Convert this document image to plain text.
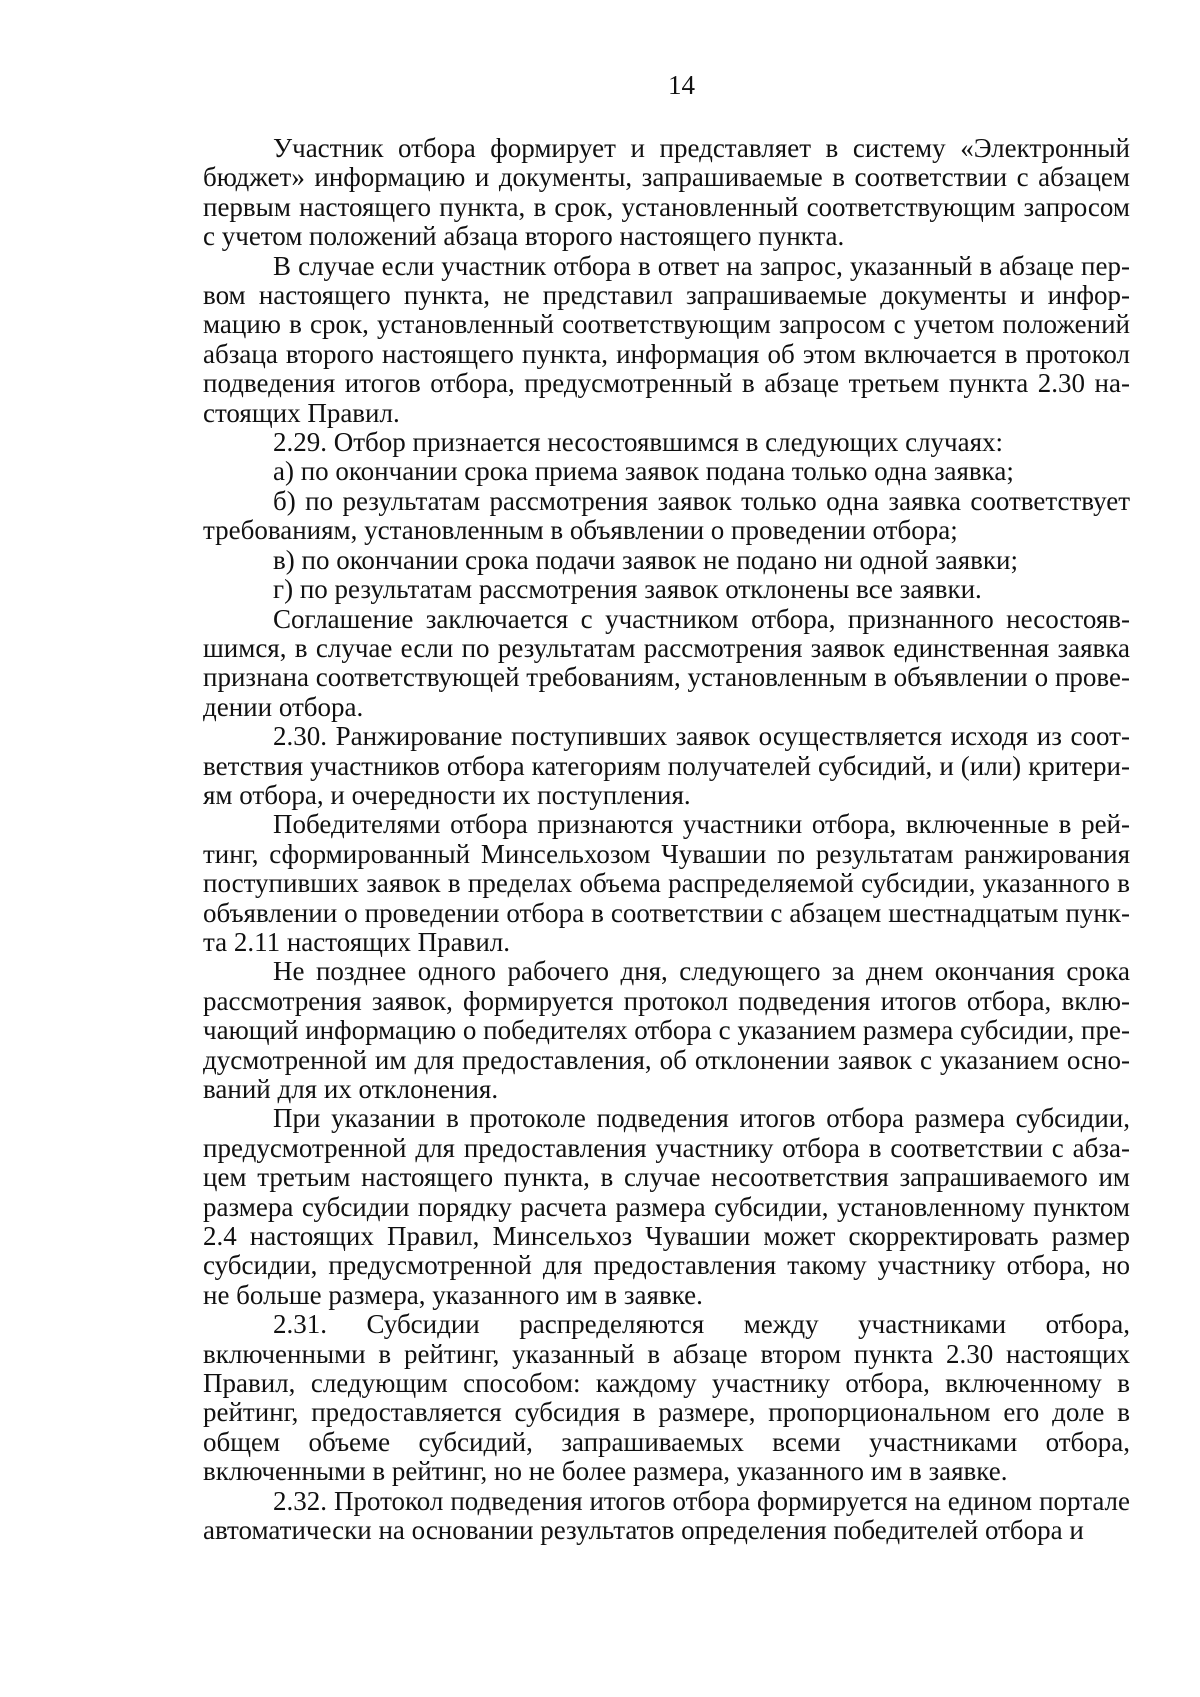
14

Участник отбора формирует и представляет в систему «Электронный бюджет» информацию и документы, запрашиваемые в соответствии с абзацем первым настоящего пункта, в срок, установленный соответствующим запросом с учетом положений абзаца второго настоящего пункта.

В случае если участник отбора в ответ на запрос, указанный в абзаце первом настоящего пункта, не представил запрашиваемые документы и информацию в срок, установленный соответствующим запросом с учетом положений абзаца второго настоящего пункта, информация об этом включается в протокол подведения итогов отбора, предусмотренный в абзаце третьем пункта 2.30 настоящих Правил.

2.29. Отбор признается несостоявшимся в следующих случаях:

а) по окончании срока приема заявок подана только одна заявка;

б) по результатам рассмотрения заявок только одна заявка соответствует требованиям, установленным в объявлении о проведении отбора;

в) по окончании срока подачи заявок не подано ни одной заявки;

г) по результатам рассмотрения заявок отклонены все заявки.

Соглашение заключается с участником отбора, признанного несостоявшимся, в случае если по результатам рассмотрения заявок единственная заявка признана соответствующей требованиям, установленным в объявлении о проведении отбора.

2.30. Ранжирование поступивших заявок осуществляется исходя из соответствия участников отбора категориям получателей субсидий, и (или) критериям отбора, и очередности их поступления.

Победителями отбора признаются участники отбора, включенные в рейтинг, сформированный Минсельхозом Чувашии по результатам ранжирования поступивших заявок в пределах объема распределяемой субсидии, указанного в объявлении о проведении отбора в соответствии с абзацем шестнадцатым пункта 2.11 настоящих Правил.

Не позднее одного рабочего дня, следующего за днем окончания срока рассмотрения заявок, формируется протокол подведения итогов отбора, включающий информацию о победителях отбора с указанием размера субсидии, предусмотренной им для предоставления, об отклонении заявок с указанием оснований для их отклонения.

При указании в протоколе подведения итогов отбора размера субсидии, предусмотренной для предоставления участнику отбора в соответствии с абзацем третьим настоящего пункта, в случае несоответствия запрашиваемого им размера субсидии порядку расчета размера субсидии, установленному пунктом 2.4 настоящих Правил, Минсельхоз Чувашии может скорректировать размер субсидии, предусмотренной для предоставления такому участнику отбора, но не больше размера, указанного им в заявке.

2.31. Субсидии распределяются между участниками отбора, включенными в рейтинг, указанный в абзаце втором пункта 2.30 настоящих Правил, следующим способом: каждому участнику отбора, включенному в рейтинг, предоставляется субсидия в размере, пропорциональном его доле в общем объеме субсидий, запрашиваемых всеми участниками отбора, включенными в рейтинг, но не более размера, указанного им в заявке.

2.32. Протокол подведения итогов отбора формируется на едином портале автоматически на основании результатов определения победителей отбора и
